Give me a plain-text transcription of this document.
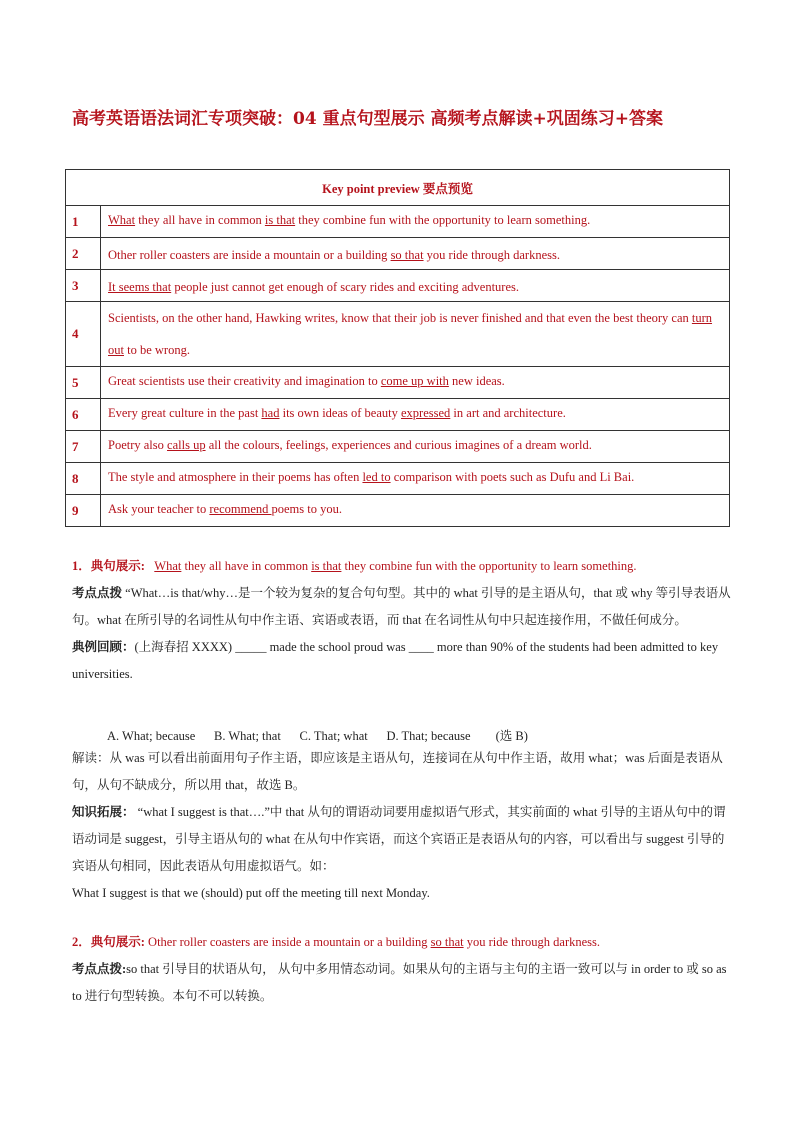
高考英语语法词汇专项突破：04 重点句型展示 高频考点解读+巩固练习+答案
Key point preview 要点预览	
1	What they all have in common is that they combine fun with the opportunity to learn something.
2	Other roller coasters are inside a mountain or a building so that you ride through darkness.
3	It seems that people just cannot get enough of scary rides and exciting adventures.
4	Scientists, on the other hand, Hawking writes, know that their job is never finished and that even the best theory can turn out to be wrong.
5	Great scientists use their creativity and imagination to come up with new ideas.
6	Every great culture in the past had its own ideas of beauty expressed in art and architecture.
7	Poetry also calls up all the colours, feelings, experiences and curious imagines of a dream world.
8	The style and atmosphere in their poems has often led to comparison with poets such as Dufu and Li Bai.
9	Ask your teacher to recommend poems to you.
1．典句展示: What they all have in common is that they combine fun with the opportunity to learn something.
考点点拨 “What…is that/why…是一个较为复杂的复合句句型。其中的 what 引导的是主语从句，that 或 why 等引导表语从句。what 在所引导的名词性从句中作主语、宾语或表语，而 that 在名词性从句中只起连接作用，不做任何成分。
典例回顾：(上海春招 XXXX) _____ made the school proud was ____ more than 90% of the students had been admitted to key universities.
A. What; because      B. What; that      C. That; what      D. That; because        (选 B)
解读：从 was 可以看出前面用句子作主语，即应该是主语从句，连接词在从句中作主语，故用 what；was 后面是表语从句，从句不缺成分，所以用 that，故选 B。
知识拓展： “what I suggest is that….”中 that 从句的谓语动词要用虚拟语气形式，其实前面的 what 引导的主语从句中的谓语动词是 suggest，引导主语从句的 what 在从句中作宾语，而这个宾语正是表语从句的内容，可以看出与 suggest 引导的宾语从句相同，因此表语从句用虚拟语气。如：
What I suggest is that we (should) put off the meeting till next Monday.
2．典句展示: Other roller coasters are inside a mountain or a building so that you ride through darkness.
考点点拨:so that 引导目的状语从句， 从句中多用情态动词。如果从句的主语与主句的主语一致可以与 in order to 或 so as to 进行句型转换。本句不可以转换。
